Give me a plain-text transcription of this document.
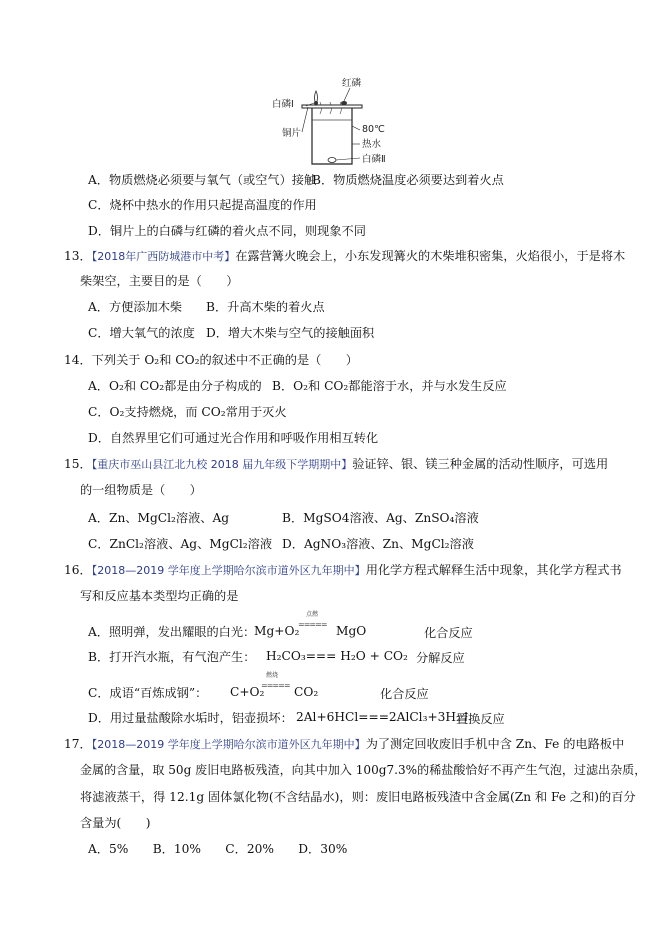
红磷
白磷Ⅰ
铜片	80℃
热水
白磷Ⅱ
A．物质燃烧必须要与氧气（或空气）接触
B．物质燃烧温度必须要达到着火点
C．烧杯中热水的作用只起提高温度的作用
D．铜片上的白磷与红磷的着火点不同，则现象不同
13．【2018年广西防城港市中考】在露营篝火晚会上，小东发现篝火的木柴堆积密集，火焰很小，于是将木
柴架空，主要目的是（　　）
A．方便添加木柴 B．升高木柴的着火点
C．增大氧气的浓度 D．增大木柴与空气的接触面积
14．下列关于 O₂和 CO₂的叙述中不正确的是（　　）
A．O₂和 CO₂都是由分子构成的 B．O₂和 CO₂都能溶于水，并与水发生反应
C．O₂支持燃烧，而 CO₂常用于灭火
D．自然界里它们可通过光合作用和呼吸作用相互转化
15．【重庆市巫山县江北九校 2018 届九年级下学期期中】验证锌、银、镁三种金属的活动性顺序，可选用
的一组物质是（　　）
A．Zn、MgCl₂溶液、Ag	B．MgSO4溶液、Ag、ZnSO₄溶液
C．ZnCl₂溶液、Ag、MgCl₂溶液 D．AgNO₃溶液、Zn、MgCl₂溶液
16．【2018—2019 学年度上学期哈尔滨市道外区九年期中】用化学方程式解释生活中现象，其化学方程式书
写和反应基本类型均正确的是
A．照明弹，发出耀眼的白光：
Mg+O₂
点燃
===== MgO	化合反应
B．打开汽水瓶，有气泡产生： H₂CO₃=== H₂O + CO₂ 分解反应
C．成语“百炼成钢”： C+O₂
燃烧
===== CO₂	化合反应
D．用过量盐酸除水垢时，铝壶损坏： 2Al+6HCl===2AlCl₃+3H₂↑
置换反应
17．【2018—2019 学年度上学期哈尔滨市道外区九年期中】为了测定回收废旧手机中含 Zn、Fe 的电路板中
金属的含量，取 50g 废旧电路板残渣，向其中加入 100g7.3%的稀盐酸恰好不再产生气泡，过滤出杂质，
将滤液蒸干，得 12.1g 固体氯化物(不含结晶水)，则：废旧电路板残渣中含金属(Zn 和 Fe 之和)的百分
含量为(　　)
A．5%　　B．10%　　C．20%　　D．30%
